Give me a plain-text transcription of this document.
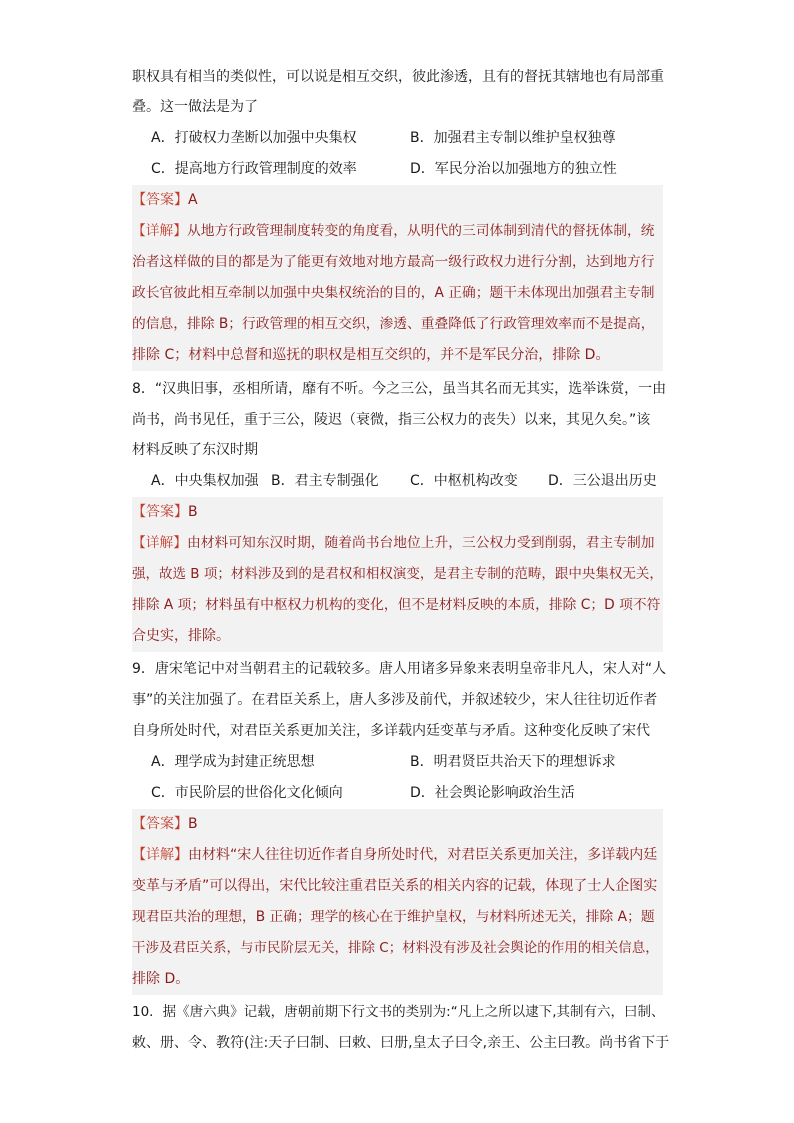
职权具有相当的类似性，可以说是相互交织，彼此渗透，且有的督抚其辖地也有局部重
叠。这一做法是为了
A．打破权力垄断以加强中央集权	B．加强君主专制以维护皇权独尊
C．提高地方行政管理制度的效率	D．军民分治以加强地方的独立性
【答案】A
【详解】从地方行政管理制度转变的角度看，从明代的三司体制到清代的督抚体制，统
治者这样做的目的都是为了能更有效地对地方最高一级行政权力进行分割，达到地方行
政长官彼此相互牵制以加强中央集权统治的目的，A 正确；题干未体现出加强君主专制
的信息，排除 B；行政管理的相互交织，渗透、重叠降低了行政管理效率而不是提高，
排除 C；材料中总督和巡抚的职权是相互交织的，并不是军民分治，排除 D。
8．“汉典旧事，丞相所请，靡有不听。今之三公，虽当其名而无其实，选举诛赏，一由
尚书，尚书见任，重于三公，陵迟（衰微，指三公权力的丧失）以来，其见久矣。”该
材料反映了东汉时期
A．中央集权加强 B．君主专制强化 C．中枢机构改变 D．三公退出历史
【答案】B
【详解】由材料可知东汉时期，随着尚书台地位上升，三公权力受到削弱，君主专制加
强，故选 B 项；材料涉及到的是君权和相权演变，是君主专制的范畴，跟中央集权无关，
排除 A 项；材料虽有中枢权力机构的变化，但不是材料反映的本质，排除 C；D 项不符
合史实，排除。
9．唐宋笔记中对当朝君主的记载较多。唐人用诸多异象来表明皇帝非凡人，宋人对“人
事”的关注加强了。在君臣关系上，唐人多涉及前代，并叙述较少，宋人往往切近作者
自身所处时代，对君臣关系更加关注，多详载内廷变革与矛盾。这种变化反映了宋代
A．理学成为封建正统思想	B．明君贤臣共治天下的理想诉求
C．市民阶层的世俗化文化倾向	D．社会舆论影响政治生活
【答案】B
【详解】由材料“宋人往往切近作者自身所处时代，对君臣关系更加关注，多详载内廷
变革与矛盾”可以得出，宋代比较注重君臣关系的相关内容的记载，体现了士人企图实
现君臣共治的理想，B 正确；理学的核心在于维护皇权，与材料所述无关，排除 A；题
干涉及君臣关系，与市民阶层无关，排除 C；材料没有涉及社会舆论的作用的相关信息，
排除 D。
10．据《唐六典》记载，唐朝前期下行文书的类别为:“凡上之所以逮下,其制有六，曰制、
敕、册、令、教符(注:天子曰制、曰敕、曰册,皇太子曰令,亲王、公主曰教。尚书省下于
